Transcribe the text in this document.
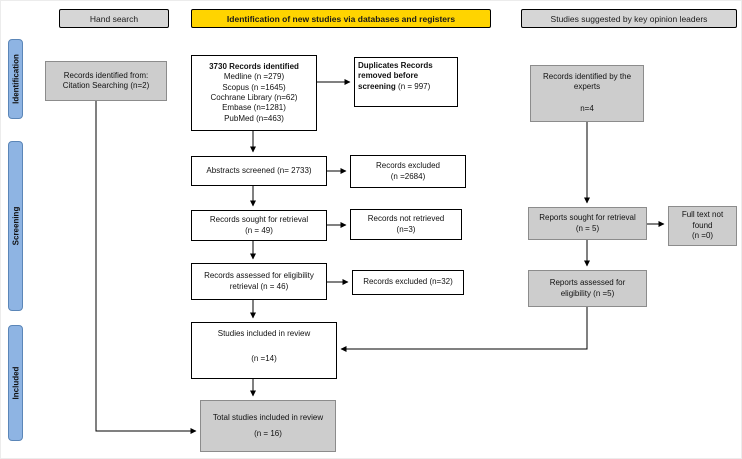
Hand search	Identification of new studies via databases and registers	Studies suggested by key opinion leaders
Identification
Screening
Included
Records identified from:
Citation Searching (n=2)
3730 Records identified
Medline (n =279)
Scopus (n =1645)
Cochrane Library (n=62)
Embase (n=1281)
PubMed (n=463)
Duplicates Records removed before screening (n = 997)
Abstracts screened (n= 2733)
Records excluded
(n =2684)
Records sought for retrieval
(n = 49)
Records not retrieved
(n=3)
Records assessed for eligibility
retrieval (n = 46)	Records excluded (n=32)
Studies included in review
(n =14)
Total studies included in review
(n = 16)
Records identified by the experts
n=4
Reports sought for retrieval
(n = 5)
Full text not found
(n =0)
Reports assessed for
eligibility (n =5)
